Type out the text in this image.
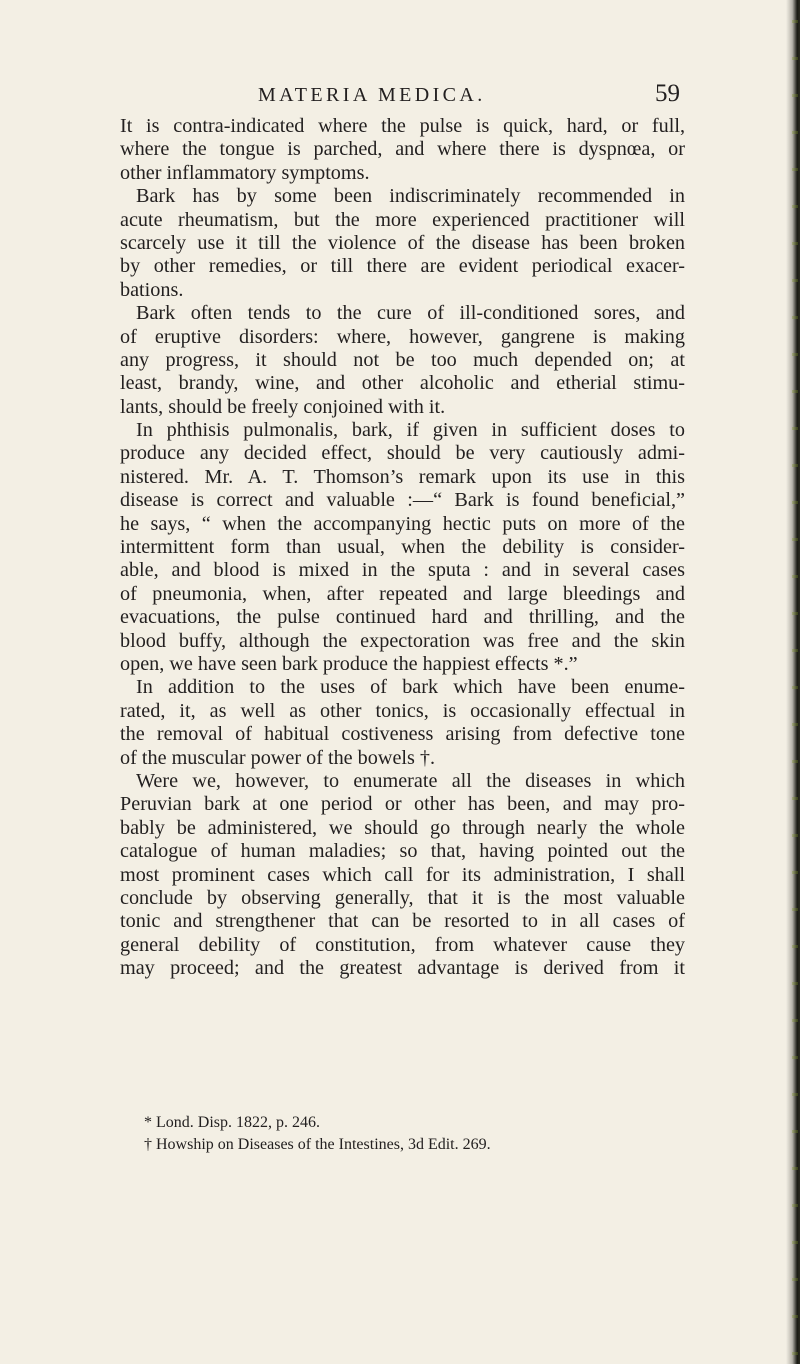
MATERIA MEDICA.	59
It is contra-indicated where the pulse is quick, hard, or full,
where the tongue is parched, and where there is dyspnœa, or
other inflammatory symptoms.
Bark has by some been indiscriminately recommended in
acute rheumatism, but the more experienced practitioner will
scarcely use it till the violence of the disease has been broken
by other remedies, or till there are evident periodical exacer-
bations.
Bark often tends to the cure of ill-conditioned sores, and
of eruptive disorders: where, however, gangrene is making
any progress, it should not be too much depended on; at
least, brandy, wine, and other alcoholic and etherial stimu-
lants, should be freely conjoined with it.
In phthisis pulmonalis, bark, if given in sufficient doses to
produce any decided effect, should be very cautiously admi-
nistered. Mr. A. T. Thomson’s remark upon its use in this
disease is correct and valuable :—“ Bark is found beneficial,”
he says, “ when the accompanying hectic puts on more of the
intermittent form than usual, when the debility is consider-
able, and blood is mixed in the sputa : and in several cases
of pneumonia, when, after repeated and large bleedings and
evacuations, the pulse continued hard and thrilling, and the
blood buffy, although the expectoration was free and the skin
open, we have seen bark produce the happiest effects *.”
In addition to the uses of bark which have been enume-
rated, it, as well as other tonics, is occasionally effectual in
the removal of habitual costiveness arising from defective tone
of the muscular power of the bowels †.
Were we, however, to enumerate all the diseases in which
Peruvian bark at one period or other has been, and may pro-
bably be administered, we should go through nearly the whole
catalogue of human maladies; so that, having pointed out the
most prominent cases which call for its administration, I shall
conclude by observing generally, that it is the most valuable
tonic and strengthener that can be resorted to in all cases of
general debility of constitution, from whatever cause they
may proceed; and the greatest advantage is derived from it
* Lond. Disp. 1822, p. 246.
† Howship on Diseases of the Intestines, 3d Edit. 269.
